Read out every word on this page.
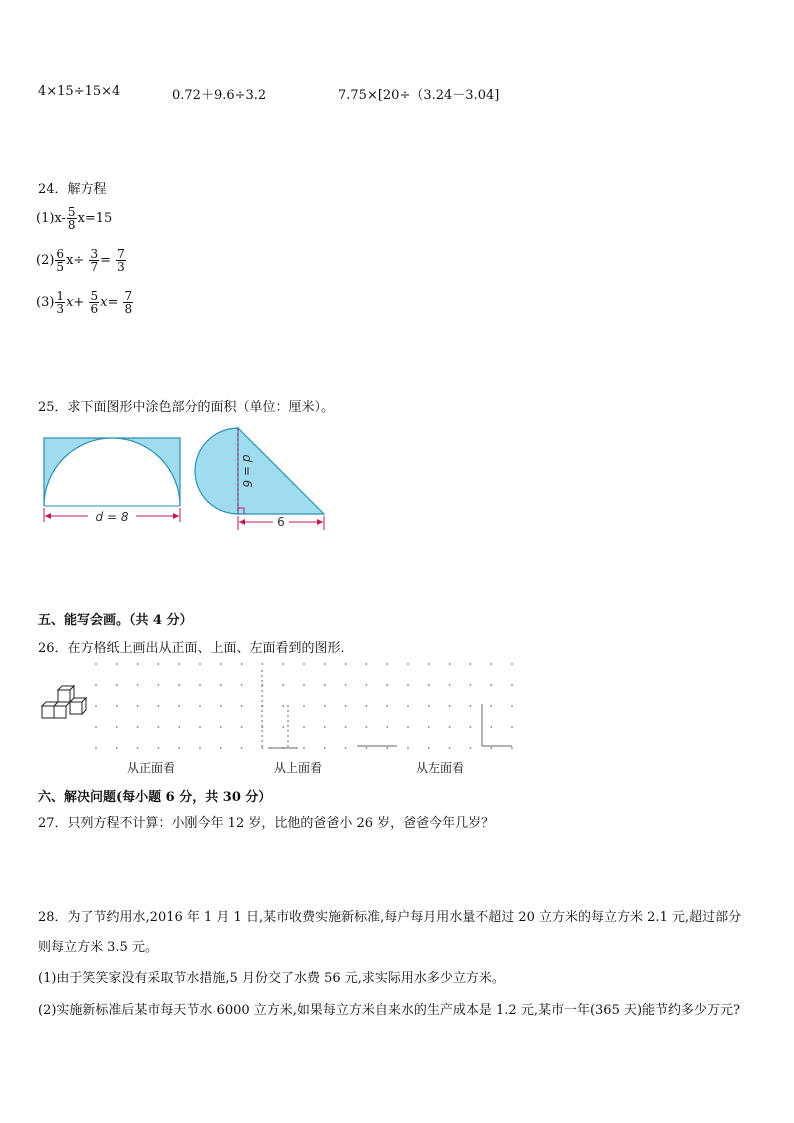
4×15÷15×4	0.72＋9.6÷3.2	7.75×[20÷（3.24－3.04]
24．解方程
$(1)x- \frac{5}{8} x=15$
$(2) \frac{6}{5} x\div \frac{3}{7} = \frac{7}{3}$
$(3) \frac{1}{3} x+ \frac{5}{6} x= \frac{7}{8}$
25．求下面图形中涂色部分的面积（单位：厘米）。
d = 8
d = 6
6
五、能写会画。（共 4 分）
26．在方格纸上画出从正面、上面、左面看到的图形．
从正面看	从上面看	从左面看
六、解决问题(每小题 6 分，共 30 分）
27．只列方程不计算：小刚今年 12 岁，比他的爸爸小 26 岁，爸爸今年几岁？
28．为了节约用水,2016 年 1 月 1 日,某市收费实施新标准,每户每月用水量不超过 20 立方米的每立方米 2.1 元,超过部分
则每立方米 3.5 元。
(1)由于笑笑家没有采取节水措施,5 月份交了水费 56 元,求实际用水多少立方米。
(2)实施新标准后某市每天节水 6000 立方米,如果每立方米自来水的生产成本是 1.2 元,某市一年(365 天)能节约多少万元?
